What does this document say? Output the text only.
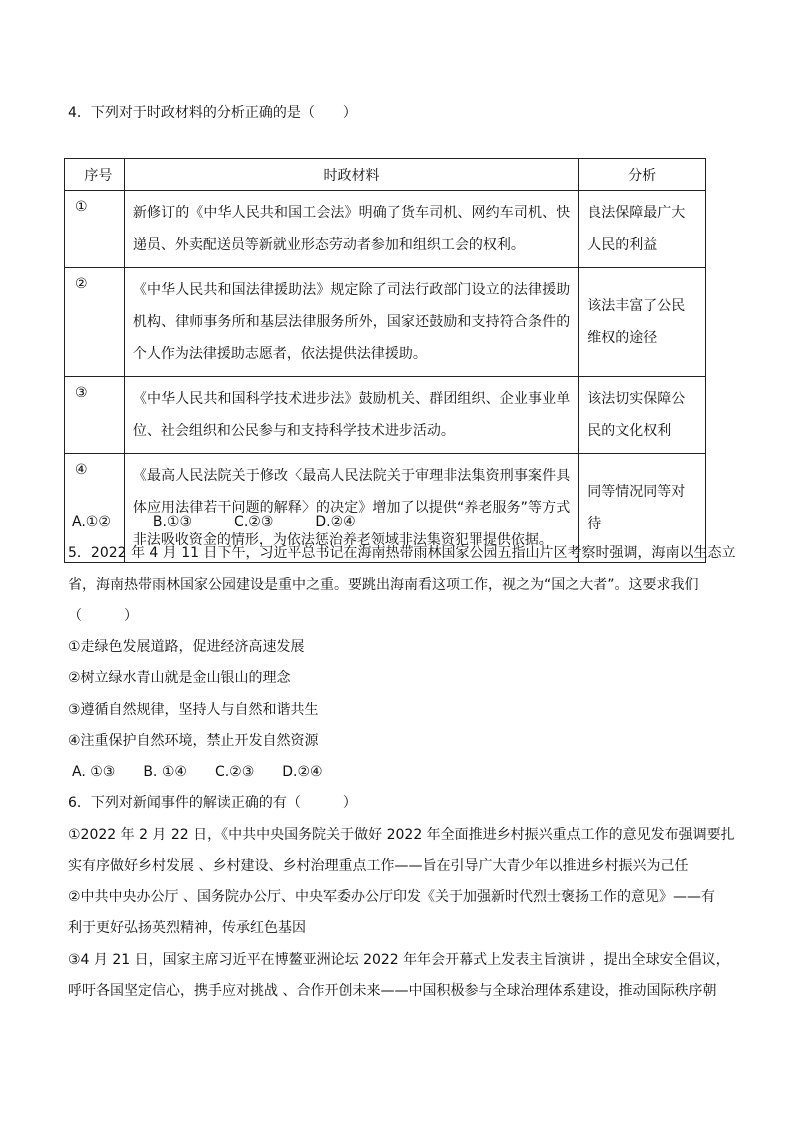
4．下列对于时政材料的分析正确的是（　　）
序号	时政材料	分析
①	新修订的《中华人民共和国工会法》明确了货车司机、网约车司机、快递员、外卖配送员等新就业形态劳动者参加和组织工会的权利。	良法保障最广大人民的利益
②	《中华人民共和国法律援助法》规定除了司法行政部门设立的法律援助机构、律师事务所和基层法律服务所外，国家还鼓励和支持符合条件的个人作为法律援助志愿者，依法提供法律援助。	该法丰富了公民维权的途径
③	《中华人民共和国科学技术进步法》鼓励机关、群团组织、企业事业单位、社会组织和公民参与和支持科学技术进步活动。	该法切实保障公民的文化权利
④	《最高人民法院关于修改〈最高人民法院关于审理非法集资刑事案件具体应用法律若干问题的解释〉的决定》增加了以提供“养老服务”等方式非法吸收资金的情形，为依法惩治养老领域非法集资犯罪提供依据。	同等情况同等对待
A.①②　　　B.①③　　　C.②③　　　D.②④
5．2022 年 4 月 11 日下午，习近平总书记在海南热带雨林国家公园五指山片区考察时强调，海南以生态立
省，海南热带雨林国家公园建设是重中之重。要跳出海南看这项工作，视之为“国之大者”。这要求我们
（　　　）
①走绿色发展道路，促进经济高速发展
②树立绿水青山就是金山银山的理念
③遵循自然规律，坚持人与自然和谐共生
④注重保护自然环境，禁止开发自然资源
A. ①③　　B. ①④　　C.②③　　D.②④
6．下列对新闻事件的解读正确的有（　　　）
①2022 年 2 月 22 日，《中共中央国务院关于做好 2022 年全面推进乡村振兴重点工作的意见发布强调要扎
实有序做好乡村发展 、乡村建设、乡村治理重点工作——旨在引导广大青少年以推进乡村振兴为己任
②中共中央办公厅 、国务院办公厅、中央军委办公厅印发《关于加强新时代烈士褒扬工作的意见》——有
利于更好弘扬英烈精神，传承红色基因
③4 月 21 日，国家主席习近平在博鳌亚洲论坛 2022 年年会开幕式上发表主旨演讲 ，提出全球安全倡议，
呼吁各国坚定信心，携手应对挑战 、合作开创未来——中国积极参与全球治理体系建设，推动国际秩序朝
